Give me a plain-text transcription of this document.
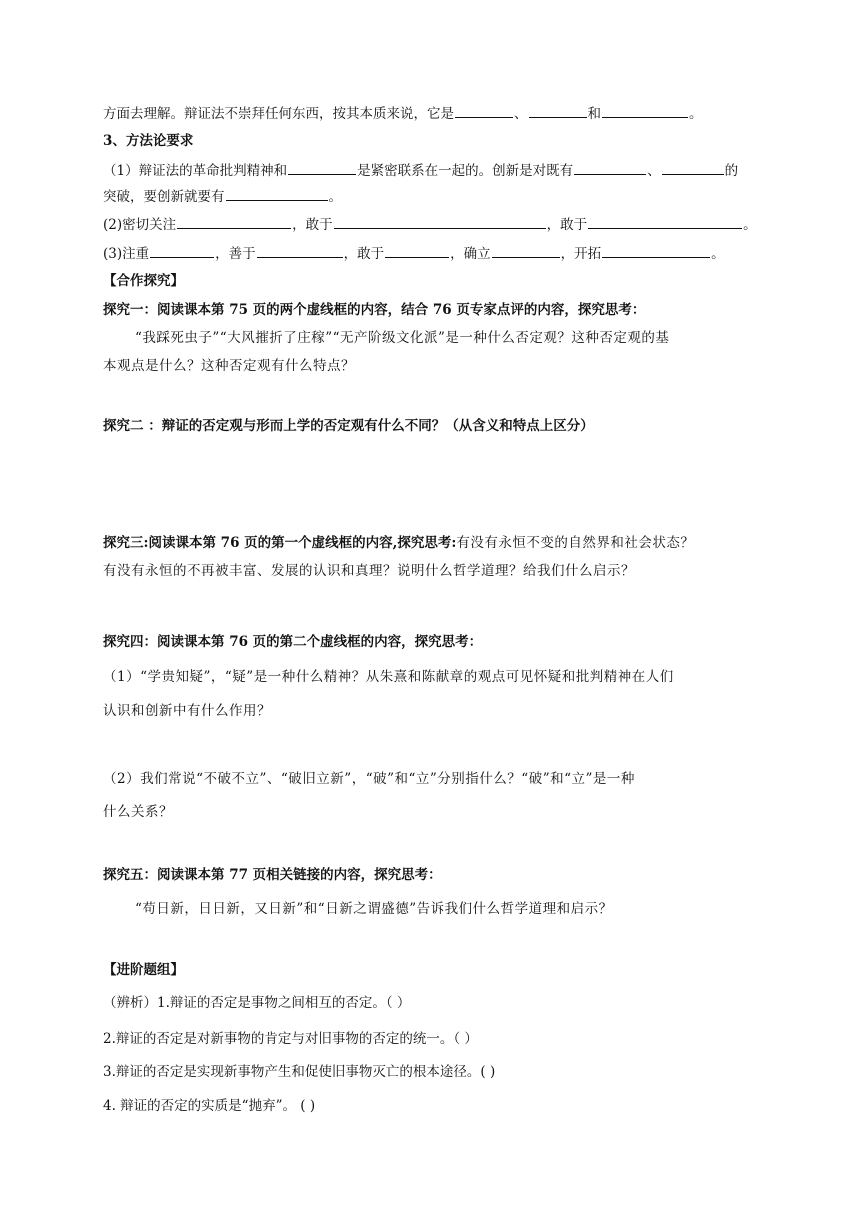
方面去理解。辩证法不崇拜任何东西，按其本质来说，它是	、	和	。
3、方法论要求
（1）辩证法的革命批判精神和	是紧密联系在一起的。创新是对既有	、	的
突破，要创新就要有	。
(2)密切关注	，敢于	，敢于	。
(3)注重	，善于	，敢于	，确立	，开拓	。
【合作探究】
探究一：阅读课本第 75 页的两个虚线框的内容，结合 76 页专家点评的内容，探究思考：
“我踩死虫子”“大风摧折了庄稼”“无产阶级文化派”是一种什么否定观？这种否定观的基
本观点是什么？这种否定观有什么特点？
探究二 ：辩证的否定观与形而上学的否定观有什么不同？（从含义和特点上区分）
探究三:阅读课本第 76 页的第一个虚线框的内容,探究思考:有没有永恒不变的自然界和社会状态？
有没有永恒的不再被丰富、发展的认识和真理？说明什么哲学道理？给我们什么启示？
探究四：阅读课本第 76 页的第二个虚线框的内容，探究思考：
（1）“学贵知疑”，“疑”是一种什么精神？从朱熹和陈献章的观点可见怀疑和批判精神在人们
认识和创新中有什么作用？
（2）我们常说“不破不立”、“破旧立新”，“破”和“立”分别指什么？“破”和“立”是一种
什么关系？
探究五：阅读课本第 77 页相关链接的内容，探究思考：
“苟日新，日日新，又日新”和“日新之谓盛德”告诉我们什么哲学道理和启示？
【进阶题组】
（辨析）1.辩证的否定是事物之间相互的否定。（ ）
2.辩证的否定是对新事物的肯定与对旧事物的否定的统一。（ ）
3.辩证的否定是实现新事物产生和促使旧事物灭亡的根本途径。( )
4. 辩证的否定的实质是“抛弃”。 ( )
